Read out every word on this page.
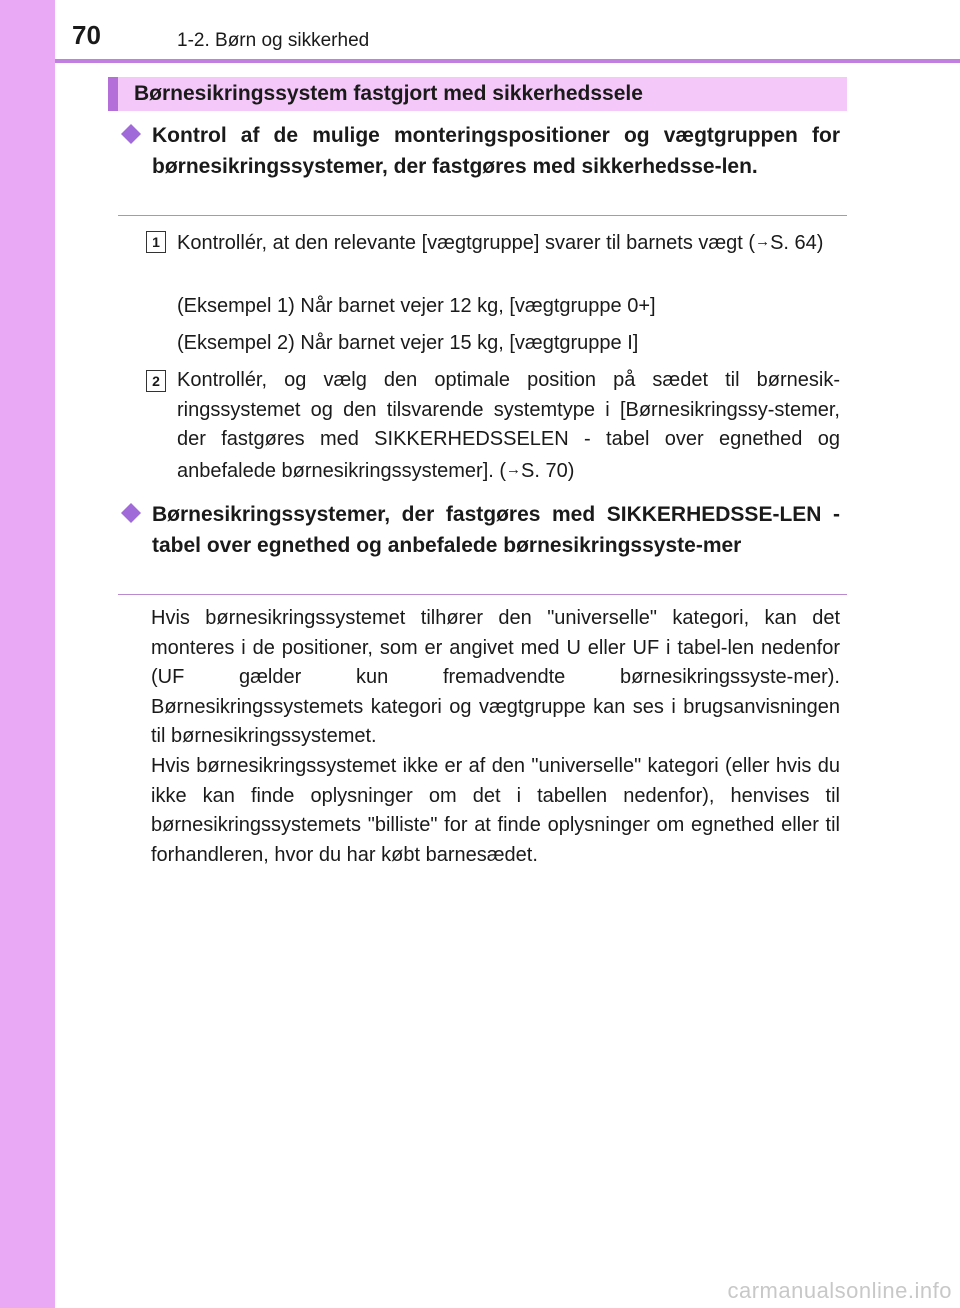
70	1-2. Børn og sikkerhed
Børnesikringssystem fastgjort med sikkerhedssele
Kontrol af de mulige monteringspositioner og vægtgruppen for børnesikringssystemer, der fastgøres med sikkerhedsse-len.
1 Kontrollér, at den relevante [vægtgruppe] svarer til barnets vægt (→S. 64)
(Eksempel 1) Når barnet vejer 12 kg, [vægtgruppe 0+]
(Eksempel 2) Når barnet vejer 15 kg, [vægtgruppe I]
2 Kontrollér, og vælg den optimale position på sædet til børnesik-ringssystemet og den tilsvarende systemtype i [Børnesikringssy-stemer, der fastgøres med SIKKERHEDSSELEN - tabel over egnethed og anbefalede børnesikringssystemer]. (→S. 70)
Børnesikringssystemer, der fastgøres med SIKKERHEDSSE-LEN - tabel over egnethed og anbefalede børnesikringssyste-mer
Hvis børnesikringssystemet tilhører den "universelle" kategori, kan det monteres i de positioner, som er angivet med U eller UF i tabel-len nedenfor (UF gælder kun fremadvendte børnesikringssyste-mer). Børnesikringssystemets kategori og vægtgruppe kan ses i brugsanvisningen til børnesikringssystemet.
Hvis børnesikringssystemet ikke er af den "universelle" kategori (eller hvis du ikke kan finde oplysninger om det i tabellen nedenfor), henvises til børnesikringssystemets "billiste" for at finde oplysninger om egnethed eller til forhandleren, hvor du har købt barnesædet.
carmanualsonline.info
